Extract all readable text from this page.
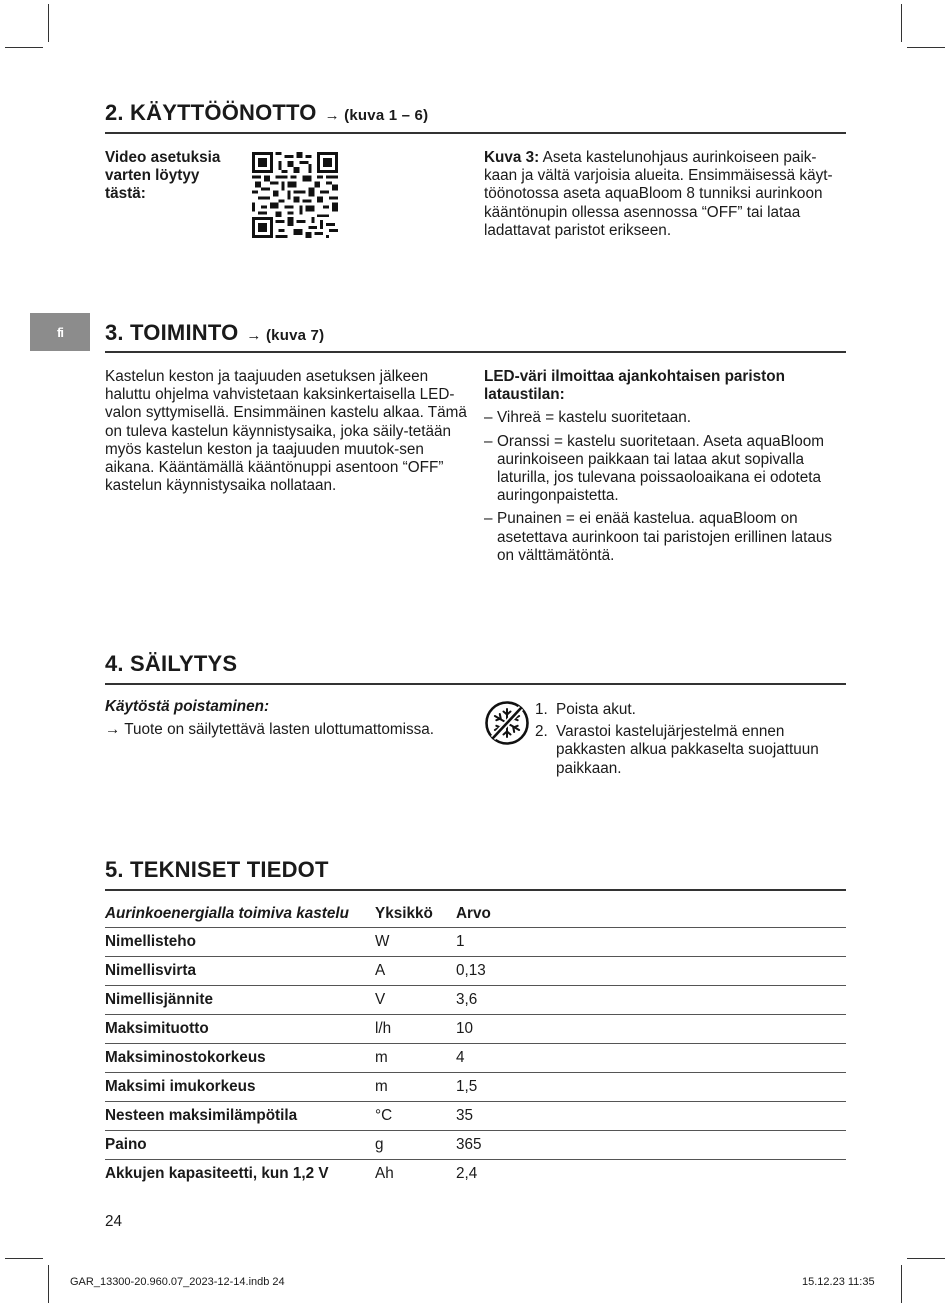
2. KÄYTTÖÖNOTTO → (kuva 1 – 6)
Video asetuksia varten löytyy tästä:
Kuva 3: Aseta kastelunohjaus aurinkoiseen paik-kaan ja vältä varjoisia alueita. Ensimmäisessä käyt-töönotossa aseta aquaBloom 8 tunniksi aurinkoon kääntönupin ollessa asennossa “OFF” tai lataa ladattavat paristot erikseen.
fi	3. TOIMINTO → (kuva 7)
Kastelun keston ja taajuuden asetuksen jälkeen haluttu ohjelma vahvistetaan kaksinkertaisella LED-valon syttymisellä. Ensimmäinen kastelu alkaa. Tämä on tuleva kastelun käynnistysaika, joka säily-tetään myös kastelun keston ja taajuuden muutok-sen aikana. Kääntämällä kääntönuppi asentoon “OFF” kastelun käynnistysaika nollataan.

LED-väri ilmoittaa ajankohtaisen pariston lataustilan:

– Vihreä = kastelu suoritetaan.
– Oranssi = kastelu suoritetaan. Aseta aquaBloom aurinkoiseen paikkaan tai lataa akut sopivalla laturilla, jos tulevana poissaoloaikana ei odoteta auringonpaistetta.
– Punainen = ei enää kastelua. aquaBloom on asetettava aurinkoon tai paristojen erillinen lataus on välttämätöntä.
4. SÄILYTYS

Käytöstä poistaminen:

→ Tuote on säilytettävä lasten ulottumattomissa.

1. Poista akut.
2. Varastoi kastelujärjestelmä ennen pakkasten alkua pakkaselta suojattuun paikkaan.
5. TEKNISET TIEDOT
Aurinkoenergialla toimiva kastelu	Yksikkö	Arvo
Nimellisteho	W	1
Nimellisvirta	A	0,13
Nimellisjännite	V	3,6
Maksimituotto	l/h	10
Maksiminostokorkeus	m	4
Maksimi imukorkeus	m	1,5
Nesteen maksimilämpötila	°C	35
Paino	g	365
Akkujen kapasiteetti, kun 1,2 V	Ah	2,4
24
GAR_13300-20.960.07_2023-12-14.indb 24	15.12.23 11:35
